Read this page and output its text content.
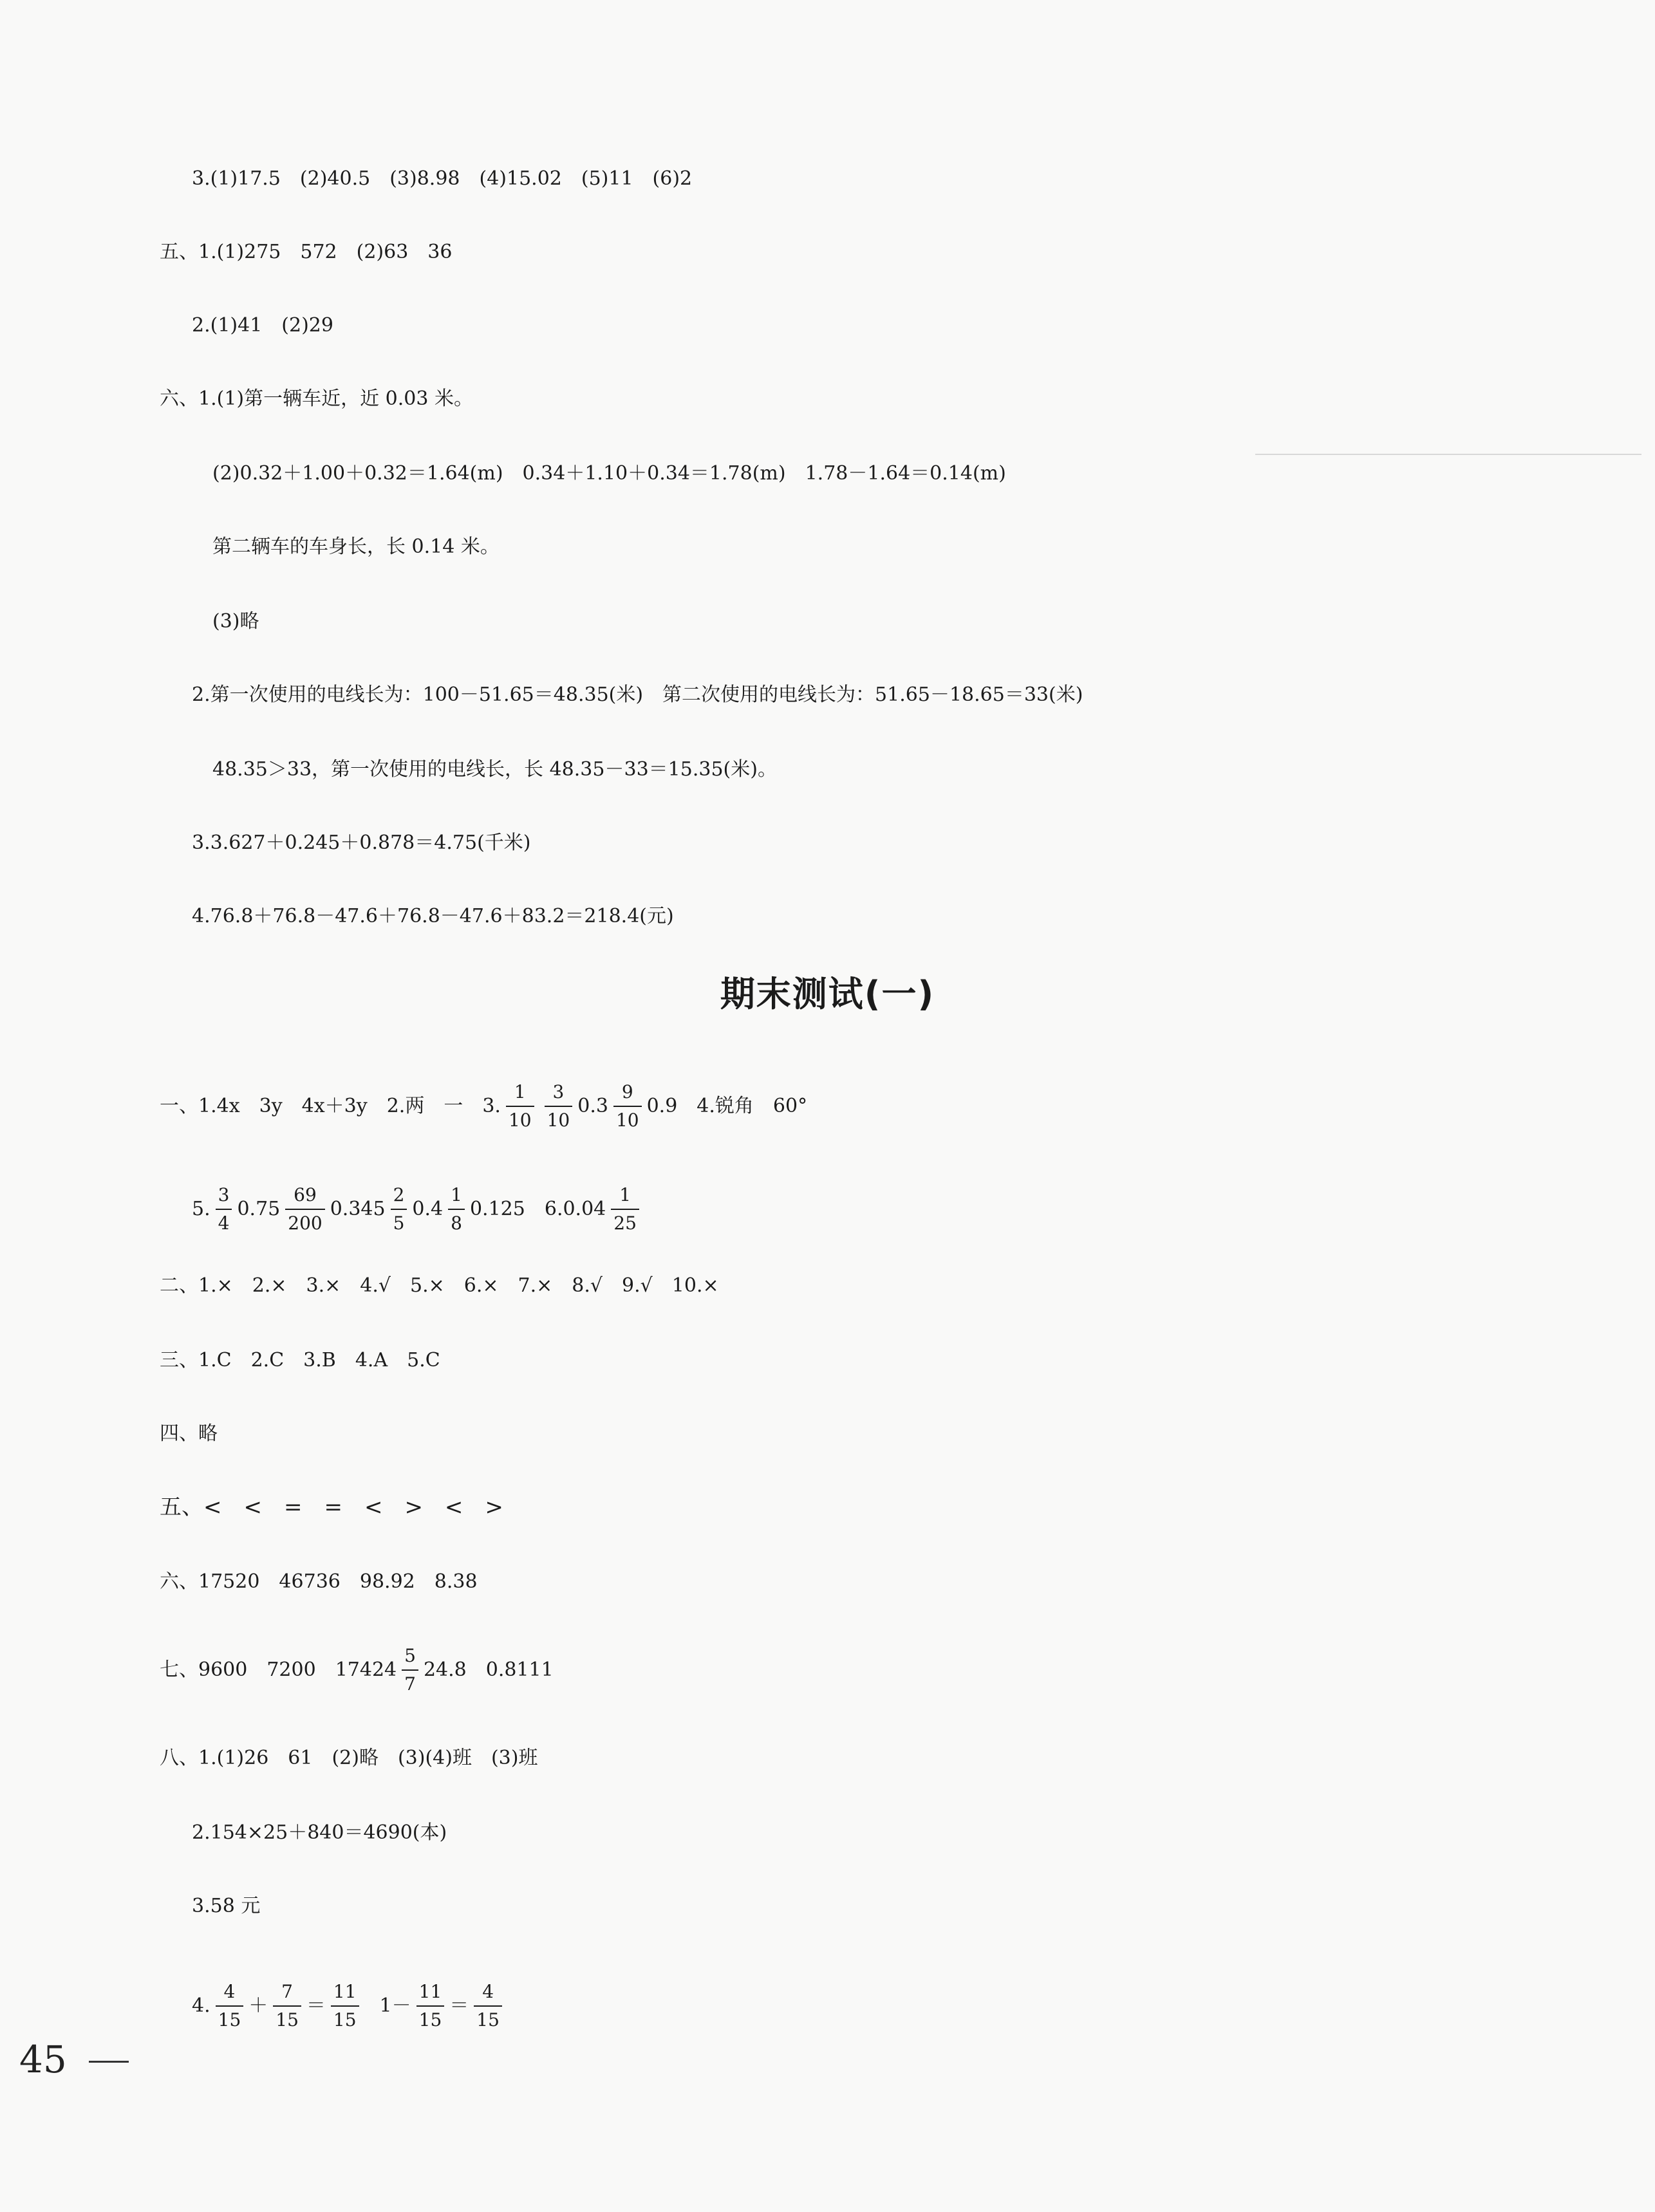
3.(1)17.5　(2)40.5　(3)8.98　(4)15.02　(5)11　(6)2
五、1.(1)275　572　(2)63　36
2.(1)41　(2)29
六、1.(1)第一辆车近，近 0.03 米。
(2)0.32＋1.00＋0.32＝1.64(m)　0.34＋1.10＋0.34＝1.78(m)　1.78－1.64＝0.14(m)
第二辆车的车身长，长 0.14 米。
(3)略
2.第一次使用的电线长为：100－51.65＝48.35(米)　第二次使用的电线长为：51.65－18.65＝33(米)
48.35＞33，第一次使用的电线长，长 48.35－33＝15.35(米)。
3.3.627＋0.245＋0.878＝4.75(千米)
4.76.8＋76.8－47.6＋76.8－47.6＋83.2＝218.4(元)
期末测试(一)
一、1.4x　3y　4x＋3y　2.两　一　3. $\frac{1}{10} \frac{3}{10} 0.3 \frac{9}{10} 0.9$　4.锐角　60°
5. $\frac{3}{4} 0.75 \frac{69}{200} 0.345 \frac{2}{5} 0.4 \frac{1}{8} 0.125$　$6.0.04 \frac{1}{25}$
二、1.×　2.×　3.×　4.√　5.×　6.×　7.×　8.√　9.√　10.×
三、1.C　2.C　3.B　4.A　5.C
四、略
五、<　<　=　=　<　>　<　>
六、17520　46736　98.92　8.38
七、9600　7200　$17424 \frac{5}{7} 24.8$　0.8111
八、1.(1)26　61　(2)略　(3)(4)班　(3)班
2.154×25＋840＝4690(本)
3.58 元
4. $\frac{4}{15} + \frac{7}{15} = \frac{11}{15} 1- \frac{11}{15} = \frac{4}{15}$
45
